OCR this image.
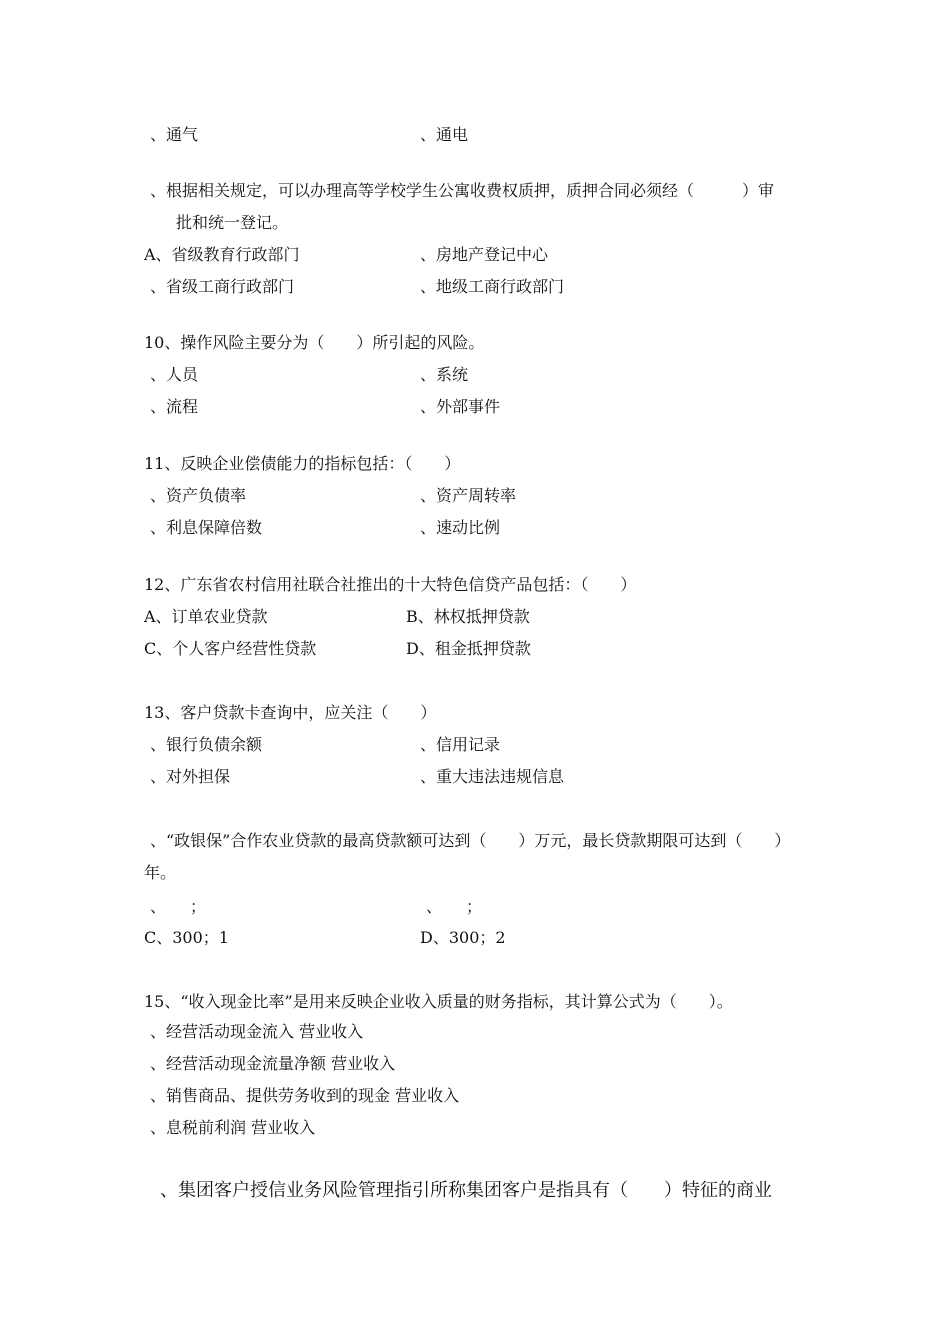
、通气	、通电
、根据相关规定，可以办理高等学校学生公寓收费权质押，质押合同必须经（　　　）审
批和统一登记。
A、省级教育行政部门	、房地产登记中心
、省级工商行政部门	、地级工商行政部门
10、操作风险主要分为（　　）所引起的风险。
、人员	、系统
、流程	、外部事件
11、反映企业偿债能力的指标包括：（　　）
、资产负债率	、资产周转率
、利息保障倍数	、速动比例
12、广东省农村信用社联合社推出的十大特色信贷产品包括：（　　）
A、订单农业贷款	B、林权抵押贷款
C、个人客户经营性贷款	D、租金抵押贷款
13、客户贷款卡查询中，应关注（　　）
、银行负债余额	、信用记录
、对外担保	、重大违法违规信息
、“政银保”合作农业贷款的最高贷款额可达到（　　）万元，最长贷款期限可达到（　　）
年。
、　　；	、　　；
C、300；1	D、300；2
15、“收入现金比率”是用来反映企业收入质量的财务指标，其计算公式为（　　）。
、经营活动现金流入 营业收入
、经营活动现金流量净额 营业收入
、销售商品、提供劳务收到的现金 营业收入
、息税前利润 营业收入
、集团客户授信业务风险管理指引所称集团客户是指具有（　　）特征的商业
